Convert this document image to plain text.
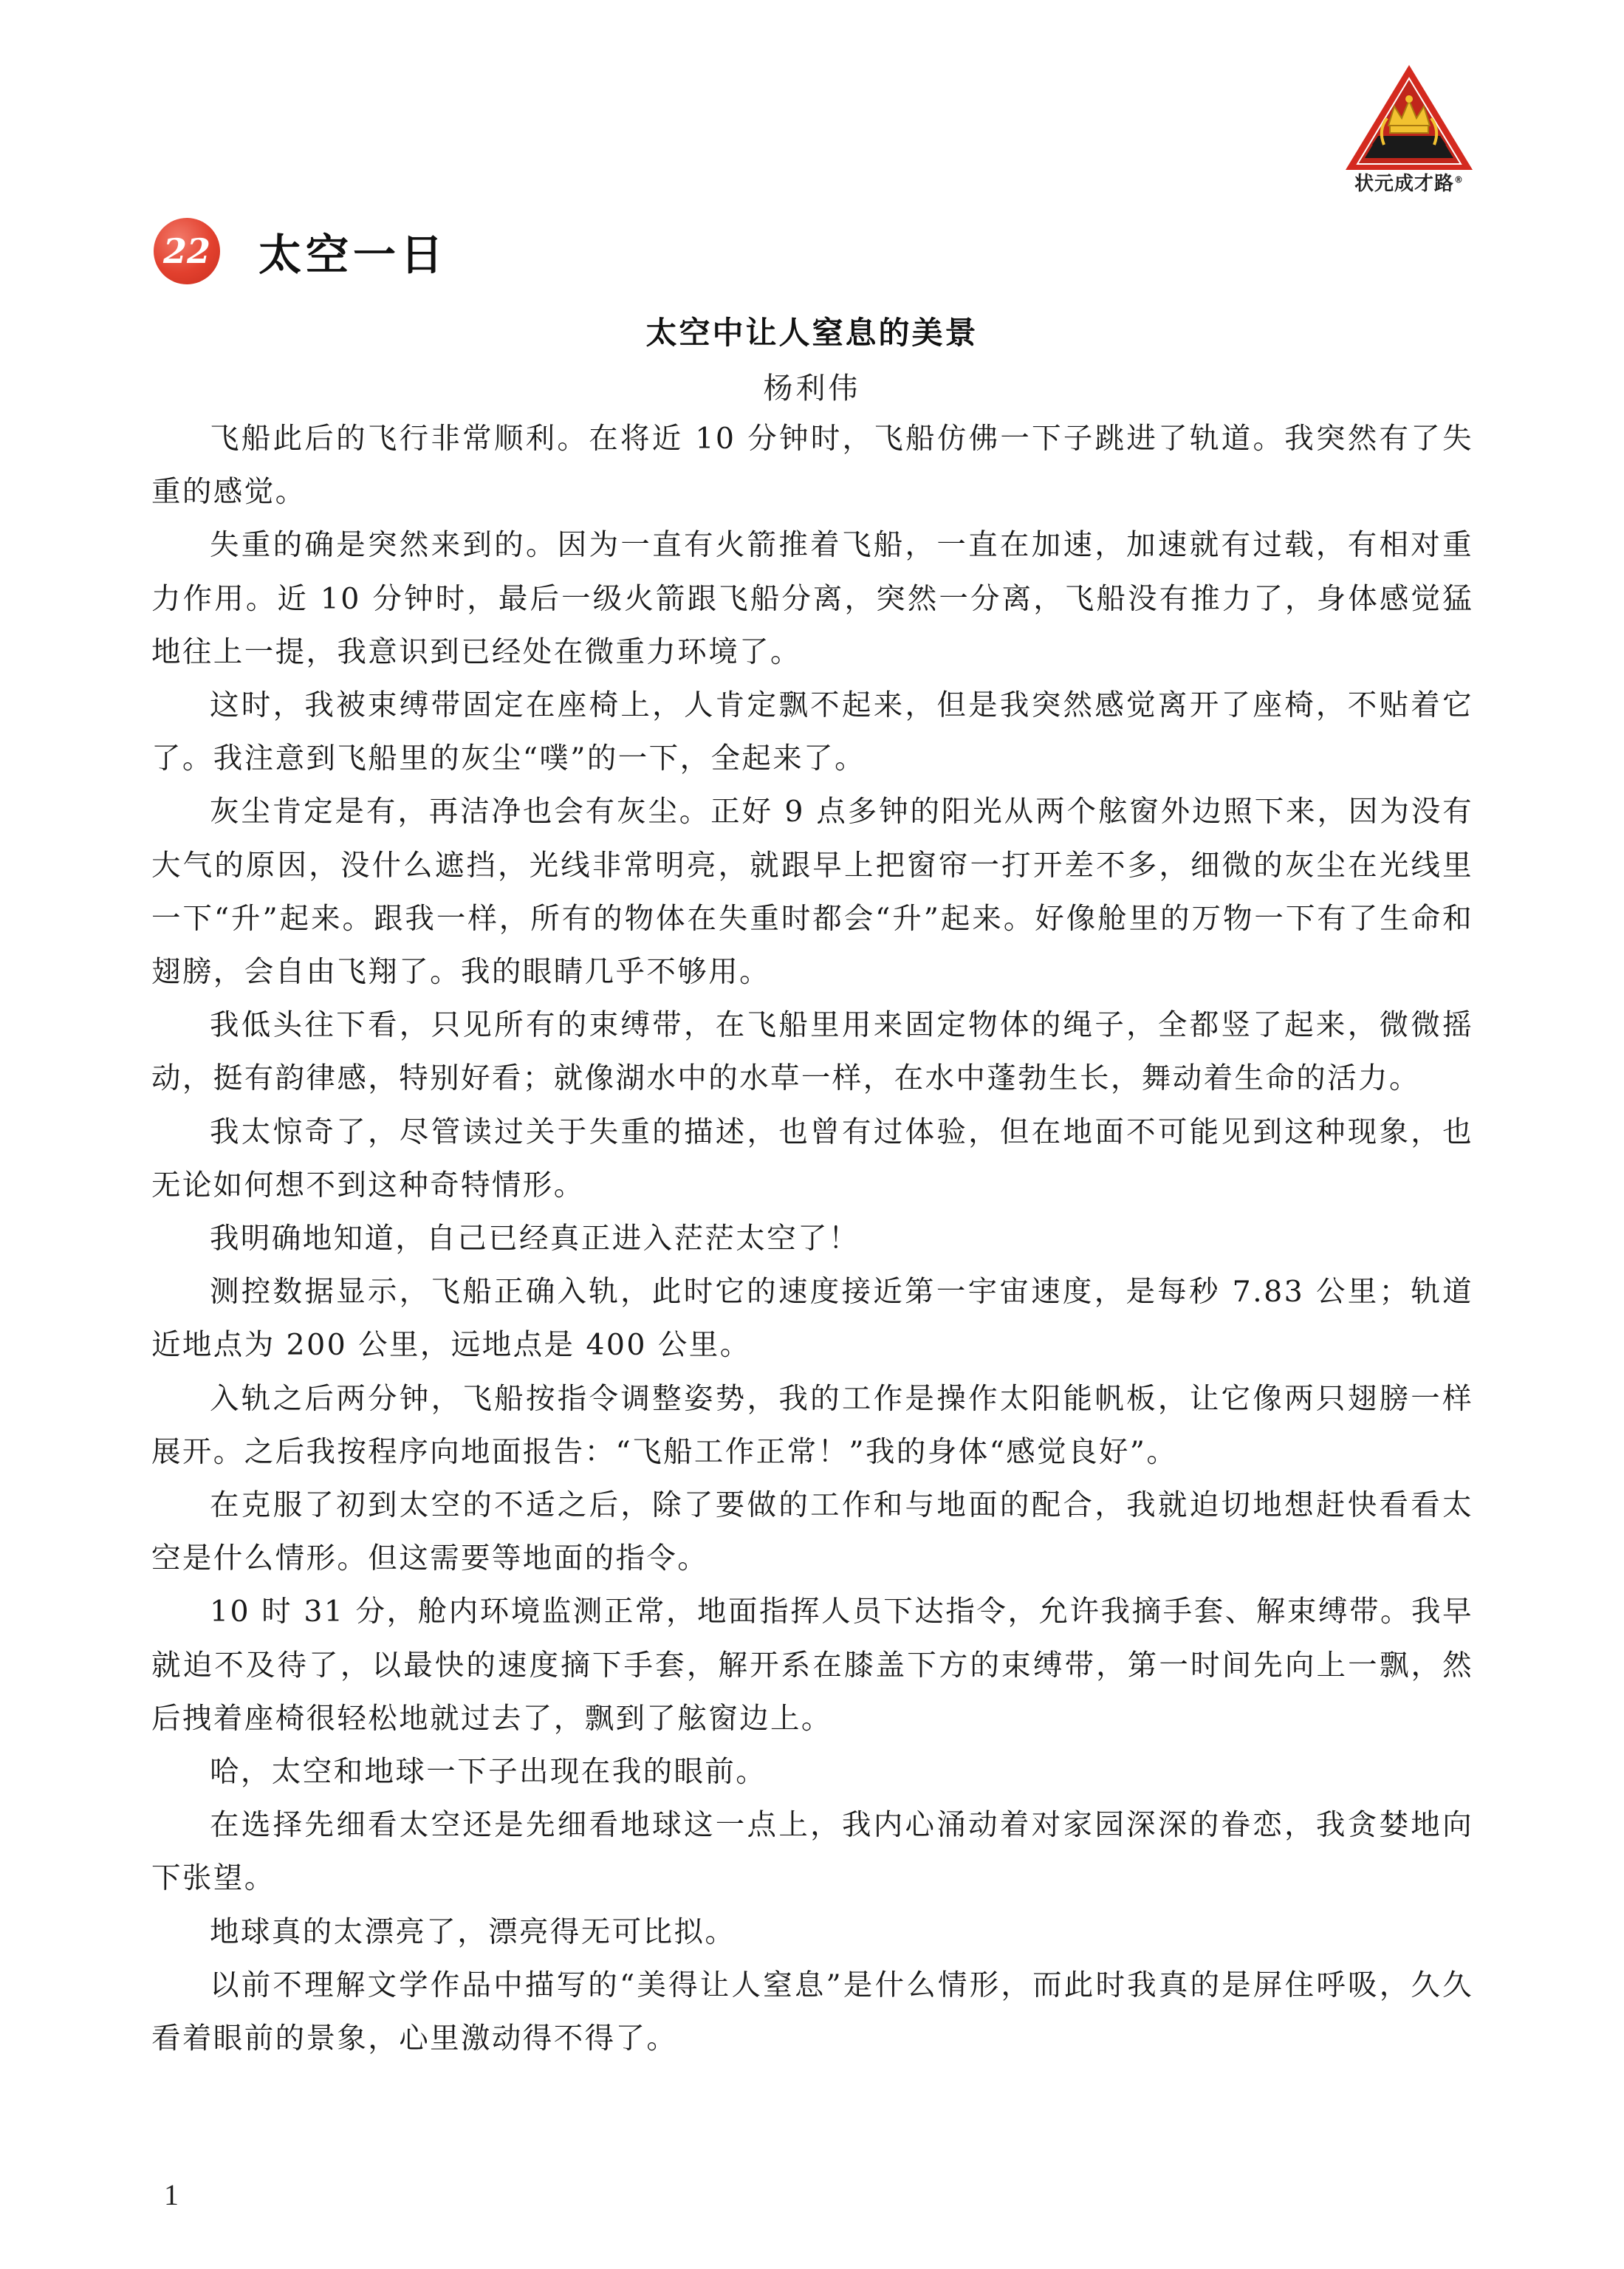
状元成才路®
22 太空一日
太空中让人窒息的美景
杨利伟

飞船此后的飞行非常顺利。在将近 10 分钟时，飞船仿佛一下子跳进了轨道。我突然有了失重的感觉。

失重的确是突然来到的。因为一直有火箭推着飞船，一直在加速，加速就有过载，有相对重力作用。近 10 分钟时，最后一级火箭跟飞船分离，突然一分离，飞船没有推力了，身体感觉猛地往上一提，我意识到已经处在微重力环境了。

这时，我被束缚带固定在座椅上，人肯定飘不起来，但是我突然感觉离开了座椅，不贴着它了。我注意到飞船里的灰尘“噗”的一下，全起来了。

灰尘肯定是有，再洁净也会有灰尘。正好 9 点多钟的阳光从两个舷窗外边照下来，因为没有大气的原因，没什么遮挡，光线非常明亮，就跟早上把窗帘一打开差不多，细微的灰尘在光线里一下“升”起来。跟我一样，所有的物体在失重时都会“升”起来。好像舱里的万物一下有了生命和翅膀，会自由飞翔了。我的眼睛几乎不够用。

我低头往下看，只见所有的束缚带，在飞船里用来固定物体的绳子，全都竖了起来，微微摇动，挺有韵律感，特别好看；就像湖水中的水草一样，在水中蓬勃生长，舞动着生命的活力。

我太惊奇了，尽管读过关于失重的描述，也曾有过体验，但在地面不可能见到这种现象，也无论如何想不到这种奇特情形。

我明确地知道，自己已经真正进入茫茫太空了！

测控数据显示，飞船正确入轨，此时它的速度接近第一宇宙速度，是每秒 7.83 公里；轨道近地点为 200 公里，远地点是 400 公里。

入轨之后两分钟，飞船按指令调整姿势，我的工作是操作太阳能帆板，让它像两只翅膀一样展开。之后我按程序向地面报告：“飞船工作正常！”我的身体“感觉良好”。

在克服了初到太空的不适之后，除了要做的工作和与地面的配合，我就迫切地想赶快看看太空是什么情形。但这需要等地面的指令。

10 时 31 分，舱内环境监测正常，地面指挥人员下达指令，允许我摘手套、解束缚带。我早就迫不及待了，以最快的速度摘下手套，解开系在膝盖下方的束缚带，第一时间先向上一飘，然后拽着座椅很轻松地就过去了，飘到了舷窗边上。

哈，太空和地球一下子出现在我的眼前。

在选择先细看太空还是先细看地球这一点上，我内心涌动着对家园深深的眷恋，我贪婪地向下张望。

地球真的太漂亮了，漂亮得无可比拟。

以前不理解文学作品中描写的“美得让人窒息”是什么情形，而此时我真的是屏住呼吸，久久看着眼前的景象，心里激动得不得了。

1
